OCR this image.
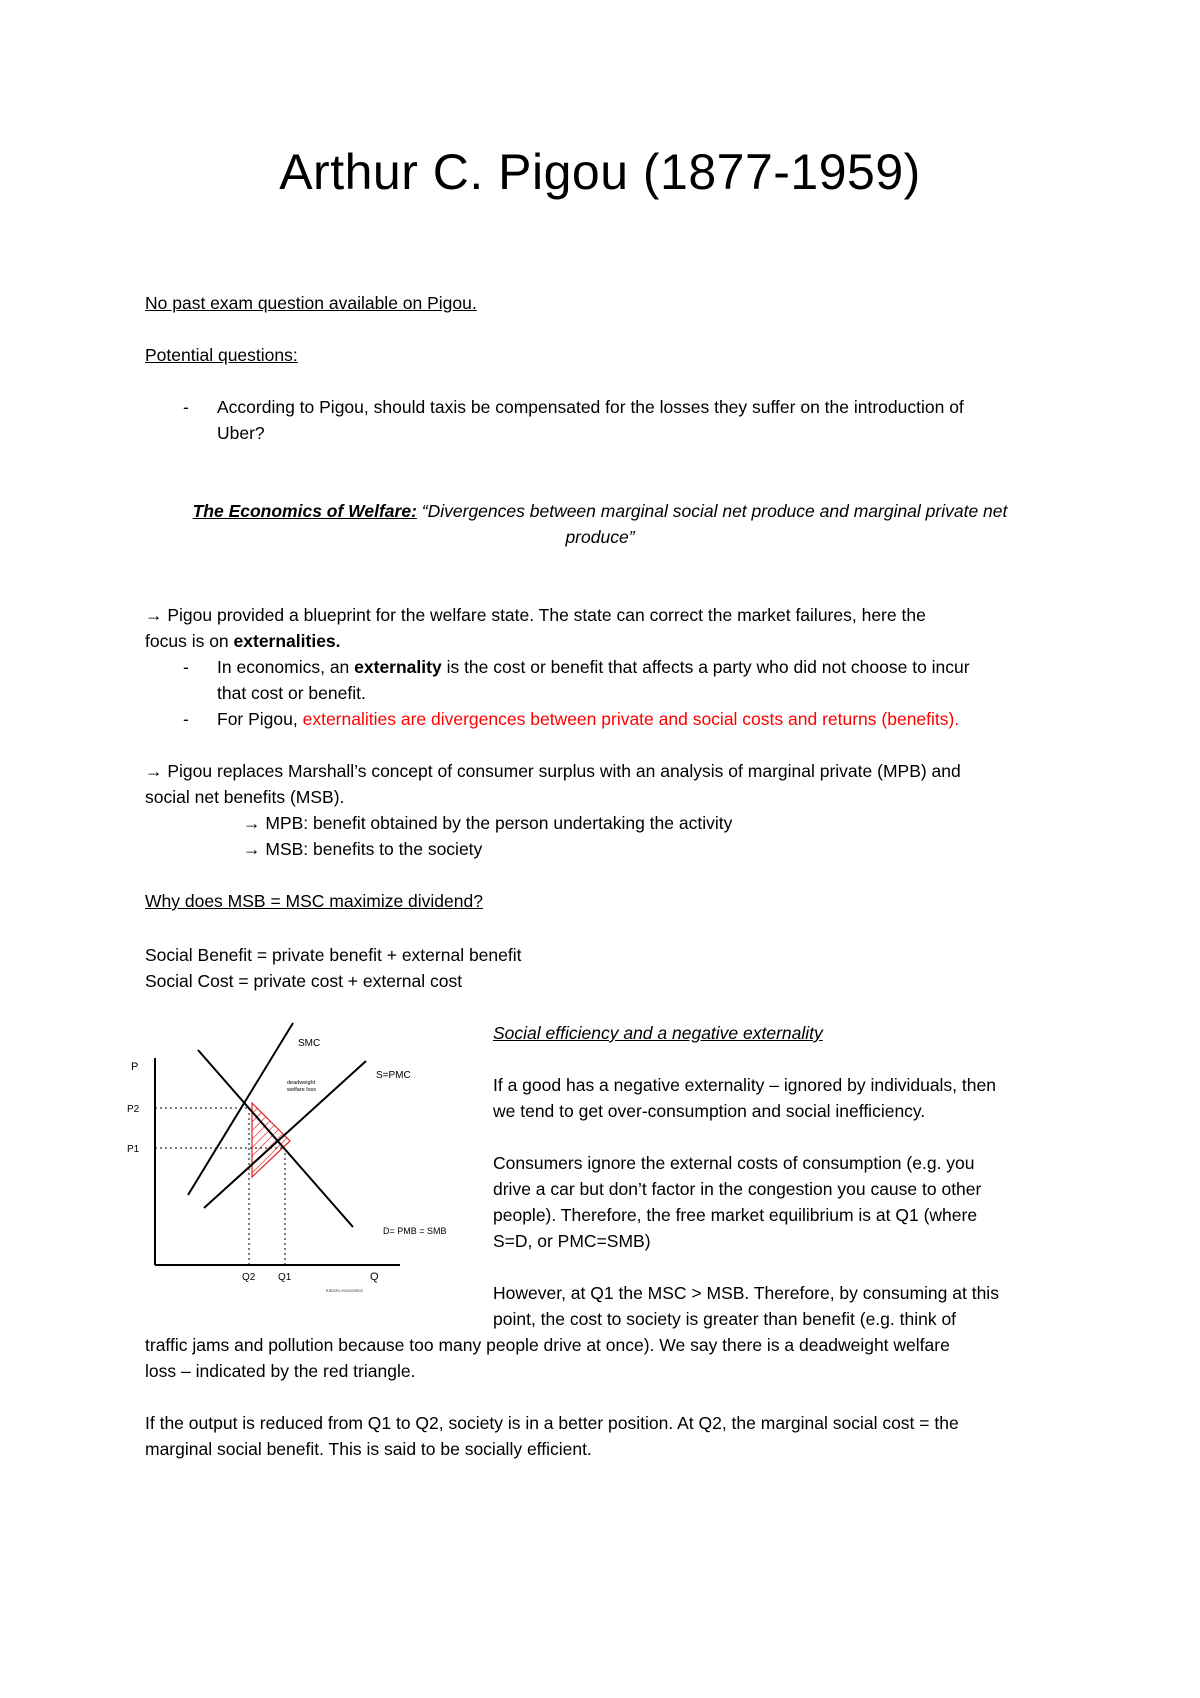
Arthur C. Pigou (1877-1959)
No past exam question available on Pigou.
Potential questions:
- According to Pigou, should taxis be compensated for the losses they suffer on the introduction of
Uber?
The Economics of Welfare: “Divergences between marginal social net produce and marginal private net
produce”
→ Pigou provided a blueprint for the welfare state. The state can correct the market failures, here the
focus is on externalities.
- In economics, an externality is the cost or benefit that affects a party who did not choose to incur
that cost or benefit.
- For Pigou, externalities are divergences between private and social costs and returns (benefits).
→ Pigou replaces Marshall’s concept of consumer surplus with an analysis of marginal private (MPB) and
social net benefits (MSB).
→ MPB: benefit obtained by the person undertaking the activity
→ MSB: benefits to the society
Why does MSB = MSC maximize dividend?
Social Benefit = private benefit + external benefit
Social Cost = private cost + external cost
P
P2
P1
Q2 Q1	Q
SMC
S=PMC
D= PMB = SMB
deadweight
welfare loss
tutor2u economics
Social efficiency and a negative externality
If a good has a negative externality – ignored by individuals, then
we tend to get over-consumption and social inefficiency.
Consumers ignore the external costs of consumption (e.g. you
drive a car but don’t factor in the congestion you cause to other
people). Therefore, the free market equilibrium is at Q1 (where
S=D, or PMC=SMB)
However, at Q1 the MSC > MSB. Therefore, by consuming at this
point, the cost to society is greater than benefit (e.g. think of
traffic jams and pollution because too many people drive at once). We say there is a deadweight welfare
loss – indicated by the red triangle.
If the output is reduced from Q1 to Q2, society is in a better position. At Q2, the marginal social cost = the
marginal social benefit. This is said to be socially efficient.
